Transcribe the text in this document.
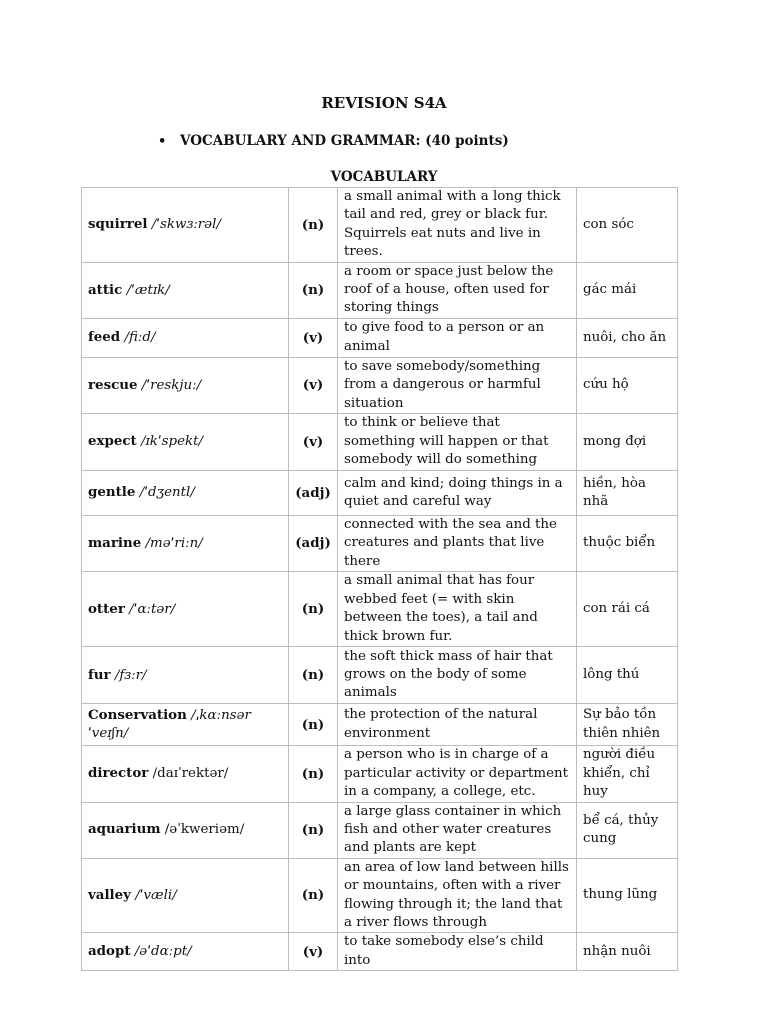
REVISION S4A
• VOCABULARY AND GRAMMAR: (40 points)
VOCABULARY
squirrel /ˈskwɜːrəl/	(n)	a small animal with a long thick tail and red, grey or black fur. Squirrels eat nuts and live in trees.	con sóc
attic /ˈætɪk/	(n)	a room or space just below the roof of a house, often used for storing things	gác mái
feed /fiːd/	(v)	to give food to a person or an animal	nuôi, cho ăn
rescue /ˈreskjuː/	(v)	to save somebody/something from a dangerous or harmful situation	cứu hộ
expect /ɪkˈspekt/	(v)	to think or believe that something will happen or that somebody will do something	mong đợi
gentle /ˈdʒentl/	(adj)	calm and kind; doing things in a quiet and careful way	hiền, hòa nhã
marine /məˈriːn/	(adj)	connected with the sea and the creatures and plants that live there	thuộc biển
otter /ˈɑːtər/	(n)	a small animal that has four webbed feet (= with skin between the toes), a tail and thick brown fur.	con rái cá
fur /fɜːr/	(n)	the soft thick mass of hair that grows on the body of some animals	lông thú
Conservation /ˌkɑːnsər ˈveɪʃn/	(n)	the protection of the natural environment	Sự bảo tồn thiên nhiên
director /daɪˈrektər/	(n)	a person who is in charge of a particular activity or department in a company, a college, etc.	người điều khiển, chỉ huy
aquarium /əˈkweriəm/	(n)	a large glass container in which fish and other water creatures and plants are kept	bể cá, thủy cung
valley /ˈvæli/	(n)	an area of low land between hills or mountains, often with a river flowing through it; the land that a river flows through	thung lũng
adopt /əˈdɑːpt/	(v)	to take somebody else’s child into	nhận nuôi
